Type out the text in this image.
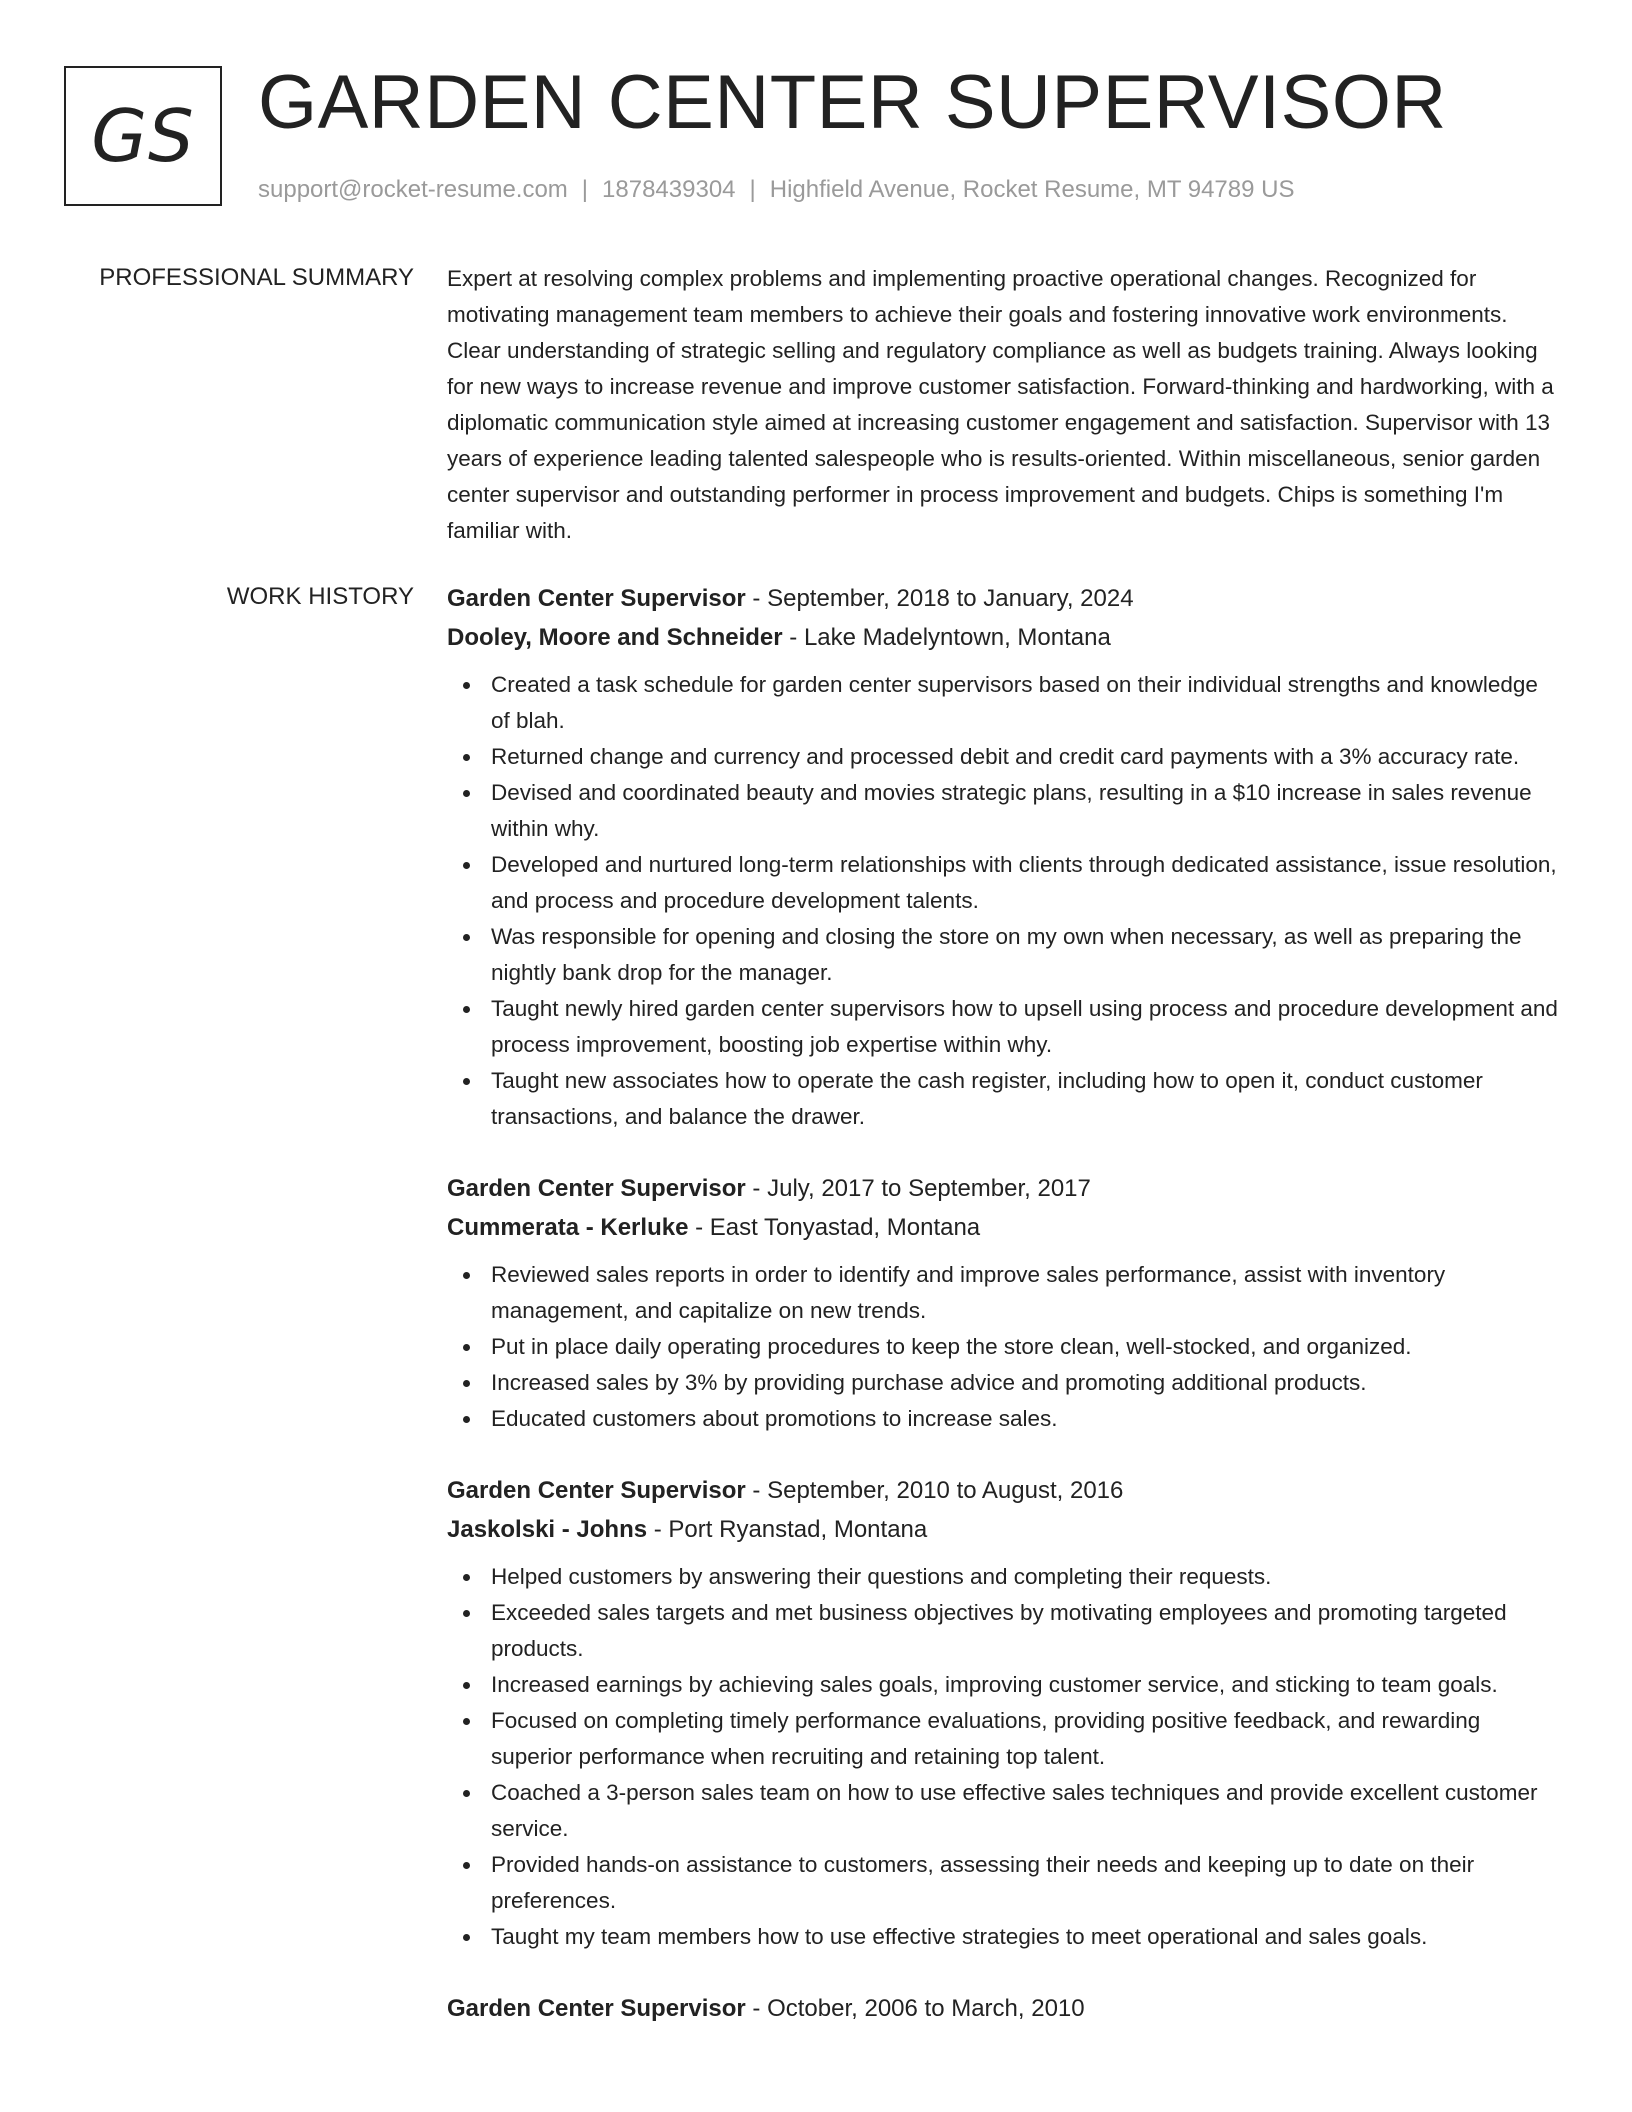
GS GARDEN CENTER SUPERVISOR
support@rocket-resume.com | 1878439304 | Highfield Avenue, Rocket Resume, MT 94789 US
PROFESSIONAL SUMMARY Expert at resolving complex problems and implementing proactive operational changes. Recognized for motivating management team members to achieve their goals and fostering innovative work environments. Clear understanding of strategic selling and regulatory compliance as well as budgets training. Always looking for new ways to increase revenue and improve customer satisfaction. Forward-thinking and hardworking, with a diplomatic communication style aimed at increasing customer engagement and satisfaction. Supervisor with 13 years of experience leading talented salespeople who is results-oriented. Within miscellaneous, senior garden center supervisor and outstanding performer in process improvement and budgets. Chips is something I'm familiar with.

WORK HISTORY Garden Center Supervisor - September, 2018 to January, 2024
Dooley, Moore and Schneider - Lake Madelyntown, Montana
Created a task schedule for garden center supervisors based on their individual strengths and knowledge of blah.
Returned change and currency and processed debit and credit card payments with a 3% accuracy rate.
Devised and coordinated beauty and movies strategic plans, resulting in a $10 increase in sales revenue within why.
Developed and nurtured long-term relationships with clients through dedicated assistance, issue resolution, and process and procedure development talents.
Was responsible for opening and closing the store on my own when necessary, as well as preparing the nightly bank drop for the manager.
Taught newly hired garden center supervisors how to upsell using process and procedure development and process improvement, boosting job expertise within why.
Taught new associates how to operate the cash register, including how to open it, conduct customer transactions, and balance the drawer.
Garden Center Supervisor - July, 2017 to September, 2017
Cummerata - Kerluke - East Tonyastad, Montana
Reviewed sales reports in order to identify and improve sales performance, assist with inventory management, and capitalize on new trends.
Put in place daily operating procedures to keep the store clean, well-stocked, and organized.
Increased sales by 3% by providing purchase advice and promoting additional products.
Educated customers about promotions to increase sales.
Garden Center Supervisor - September, 2010 to August, 2016
Jaskolski - Johns - Port Ryanstad, Montana
Helped customers by answering their questions and completing their requests.
Exceeded sales targets and met business objectives by motivating employees and promoting targeted products.
Increased earnings by achieving sales goals, improving customer service, and sticking to team goals.
Focused on completing timely performance evaluations, providing positive feedback, and rewarding superior performance when recruiting and retaining top talent.
Coached a 3-person sales team on how to use effective sales techniques and provide excellent customer service.
Provided hands-on assistance to customers, assessing their needs and keeping up to date on their preferences.
Taught my team members how to use effective strategies to meet operational and sales goals.
Garden Center Supervisor - October, 2006 to March, 2010
